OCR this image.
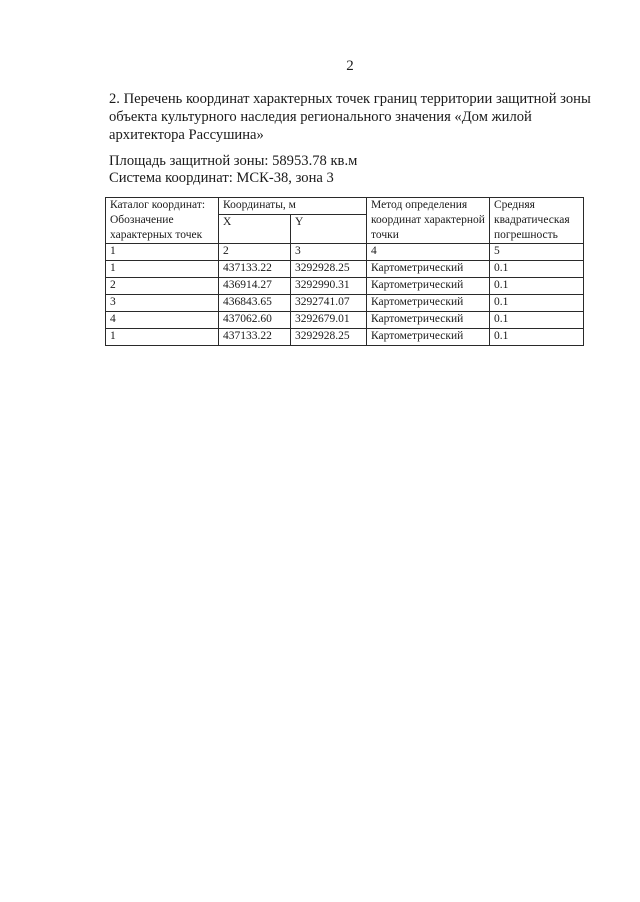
2
2. Перечень координат характерных точек границ территории защитной зоны
объекта культурного наследия регионального значения «Дом жилой
архитектора Рассушина»
Площадь защитной зоны: 58953.78 кв.м
Система координат: МСК-38, зона 3
Каталог координат:
Обозначение характерных точек	Координаты, м		Метод определения координат характерной точки	Средняя квадратическая погрешность
	X	Y		
1	2	3	4	5
1	437133.22	3292928.25	Картометрический	0.1
2	436914.27	3292990.31	Картометрический	0.1
3	436843.65	3292741.07	Картометрический	0.1
4	437062.60	3292679.01	Картометрический	0.1
1	437133.22	3292928.25	Картометрический	0.1
